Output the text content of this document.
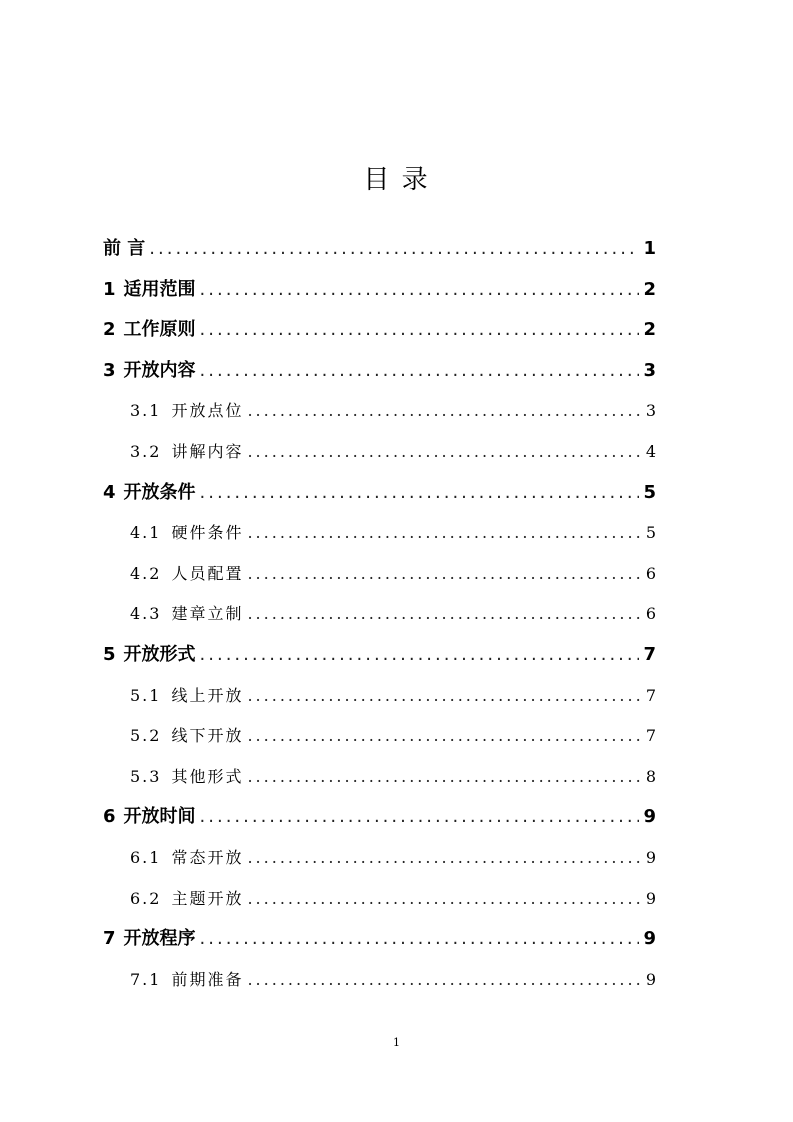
目 录
前 言 .....	1
1 适用范围 .....	2
2 工作原则 .....	2
3 开放内容 .....	3
3.1 开放点位 .....	3
3.2 讲解内容 .....	4
4 开放条件 .....	5
4.1 硬件条件 .....	5
4.2 人员配置 .....	6
4.3 建章立制 .....	6
5 开放形式 .....	7
5.1 线上开放 .....	7
5.2 线下开放 .....	7
5.3 其他形式 .....	8
6 开放时间 .....	9
6.1 常态开放 .....	9
6.2 主题开放 .....	9
7 开放程序 .....	9
7.1 前期准备 .....	9
1
